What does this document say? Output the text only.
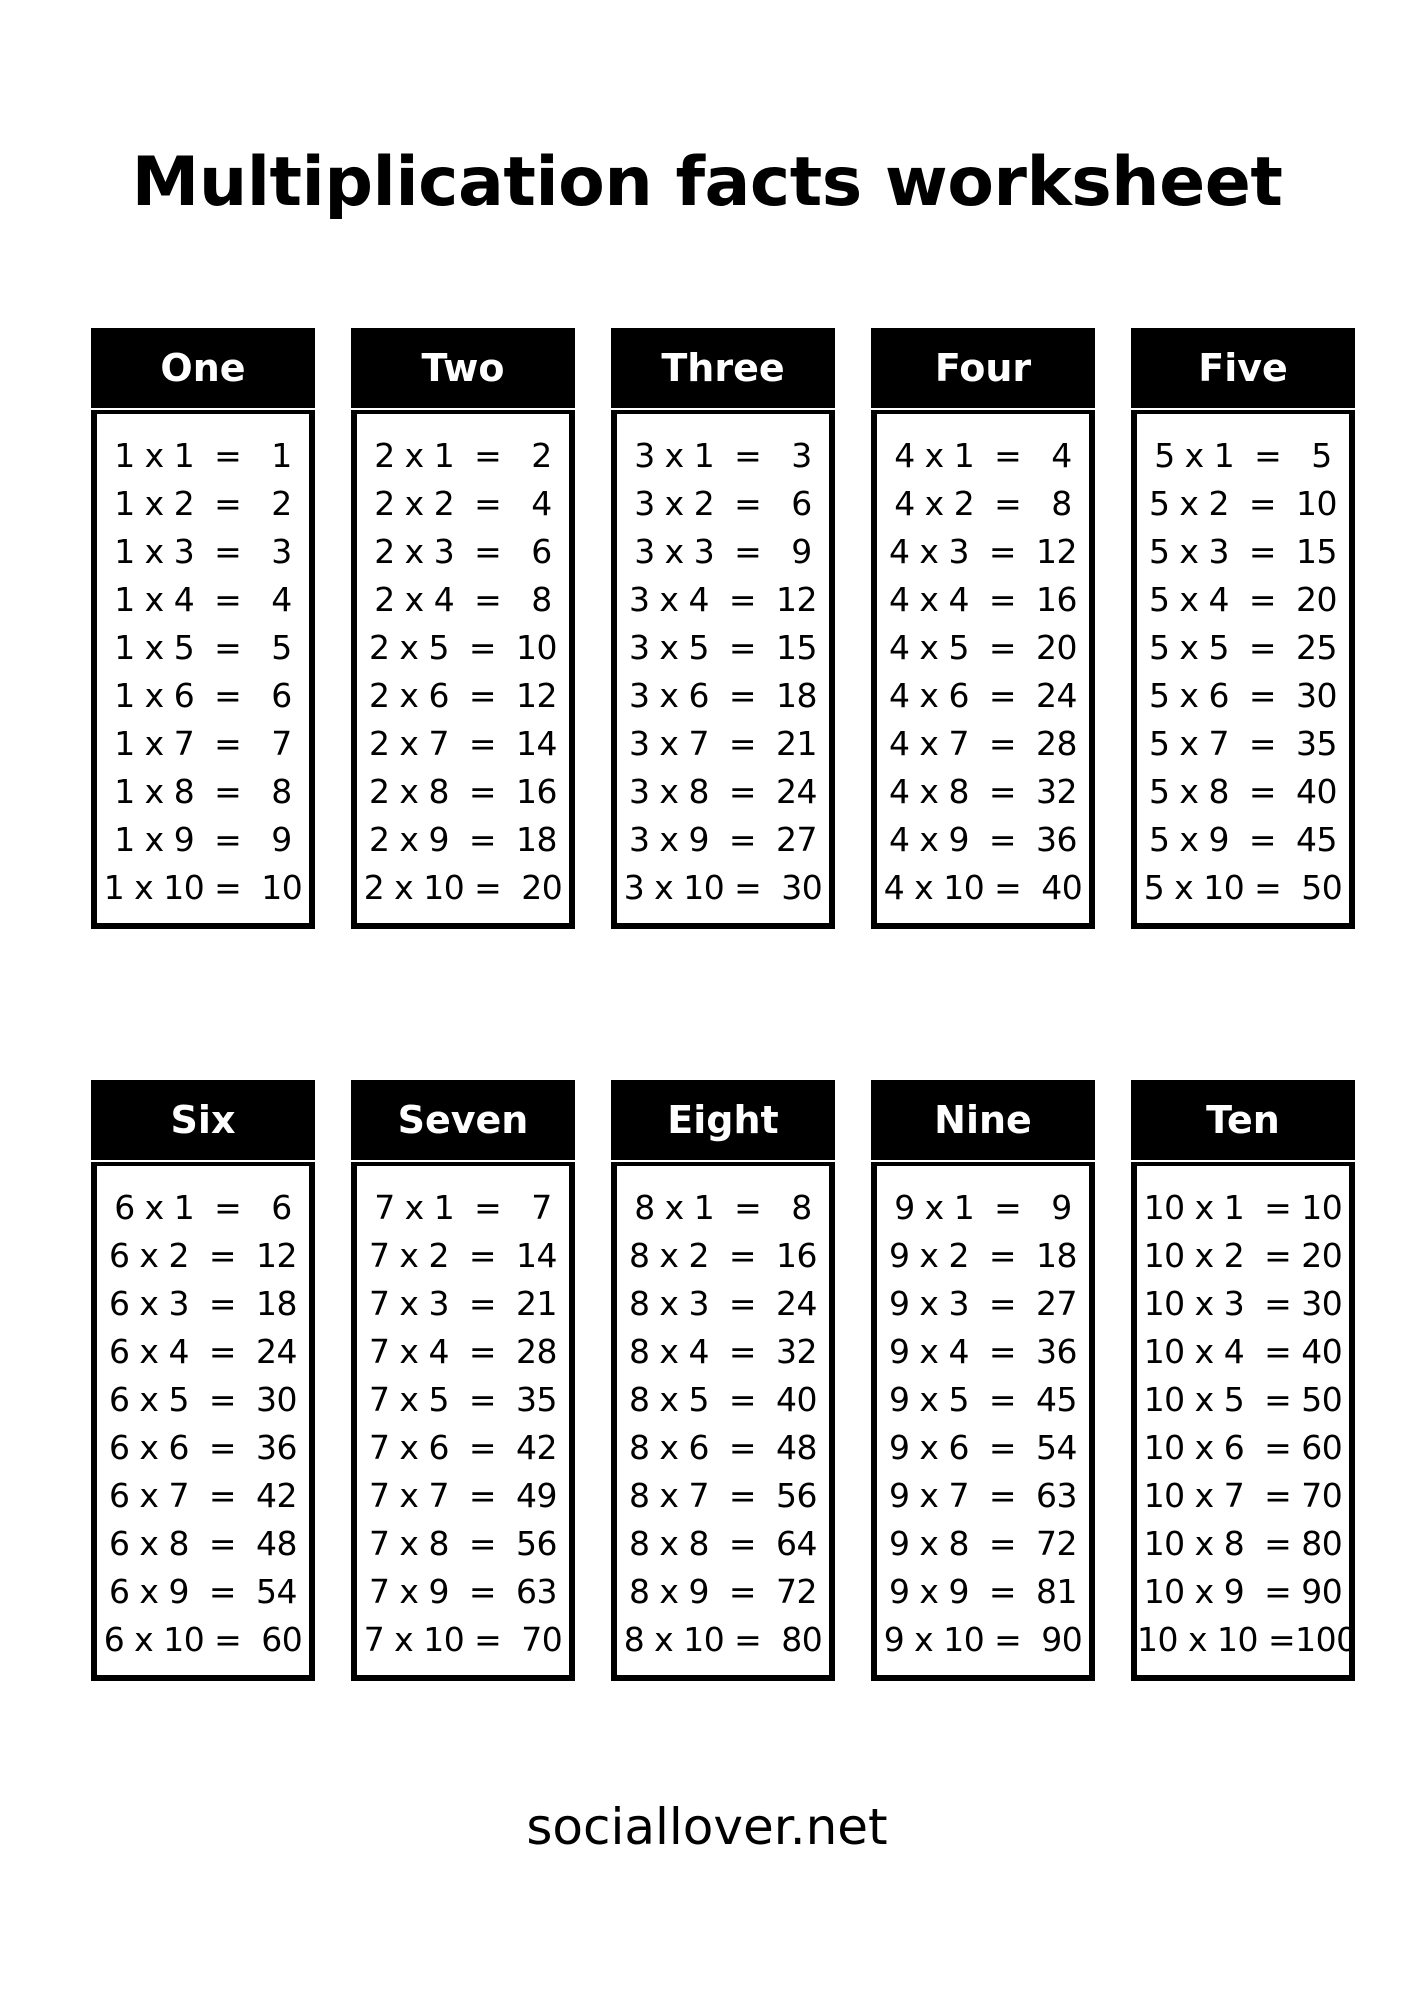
Multiplication facts worksheet
One
1 x 1  =   1
1 x 2  =   2
1 x 3  =   3
1 x 4  =   4
1 x 5  =   5
1 x 6  =   6
1 x 7  =   7
1 x 8  =   8
1 x 9  =   9
1 x 10 =  10
Two
2 x 1  =   2
2 x 2  =   4
2 x 3  =   6
2 x 4  =   8
2 x 5  =  10
2 x 6  =  12
2 x 7  =  14
2 x 8  =  16
2 x 9  =  18
2 x 10 =  20
Three
3 x 1  =   3
3 x 2  =   6
3 x 3  =   9
3 x 4  =  12
3 x 5  =  15
3 x 6  =  18
3 x 7  =  21
3 x 8  =  24
3 x 9  =  27
3 x 10 =  30
Four
4 x 1  =   4
4 x 2  =   8
4 x 3  =  12
4 x 4  =  16
4 x 5  =  20
4 x 6  =  24
4 x 7  =  28
4 x 8  =  32
4 x 9  =  36
4 x 10 =  40
Five
5 x 1  =   5
5 x 2  =  10
5 x 3  =  15
5 x 4  =  20
5 x 5  =  25
5 x 6  =  30
5 x 7  =  35
5 x 8  =  40
5 x 9  =  45
5 x 10 =  50
Six
6 x 1  =   6
6 x 2  =  12
6 x 3  =  18
6 x 4  =  24
6 x 5  =  30
6 x 6  =  36
6 x 7  =  42
6 x 8  =  48
6 x 9  =  54
6 x 10 =  60
Seven
7 x 1  =   7
7 x 2  =  14
7 x 3  =  21
7 x 4  =  28
7 x 5  =  35
7 x 6  =  42
7 x 7  =  49
7 x 8  =  56
7 x 9  =  63
7 x 10 =  70
Eight
8 x 1  =   8
8 x 2  =  16
8 x 3  =  24
8 x 4  =  32
8 x 5  =  40
8 x 6  =  48
8 x 7  =  56
8 x 8  =  64
8 x 9  =  72
8 x 10 =  80
Nine
9 x 1  =   9
9 x 2  =  18
9 x 3  =  27
9 x 4  =  36
9 x 5  =  45
9 x 6  =  54
9 x 7  =  63
9 x 8  =  72
9 x 9  =  81
9 x 10 =  90
Ten
10 x 1  = 10
10 x 2  = 20
10 x 3  = 30
10 x 4  = 40
10 x 5  = 50
10 x 6  = 60
10 x 7  = 70
10 x 8  = 80
10 x 9  = 90
10 x 10 =100
sociallover.net
